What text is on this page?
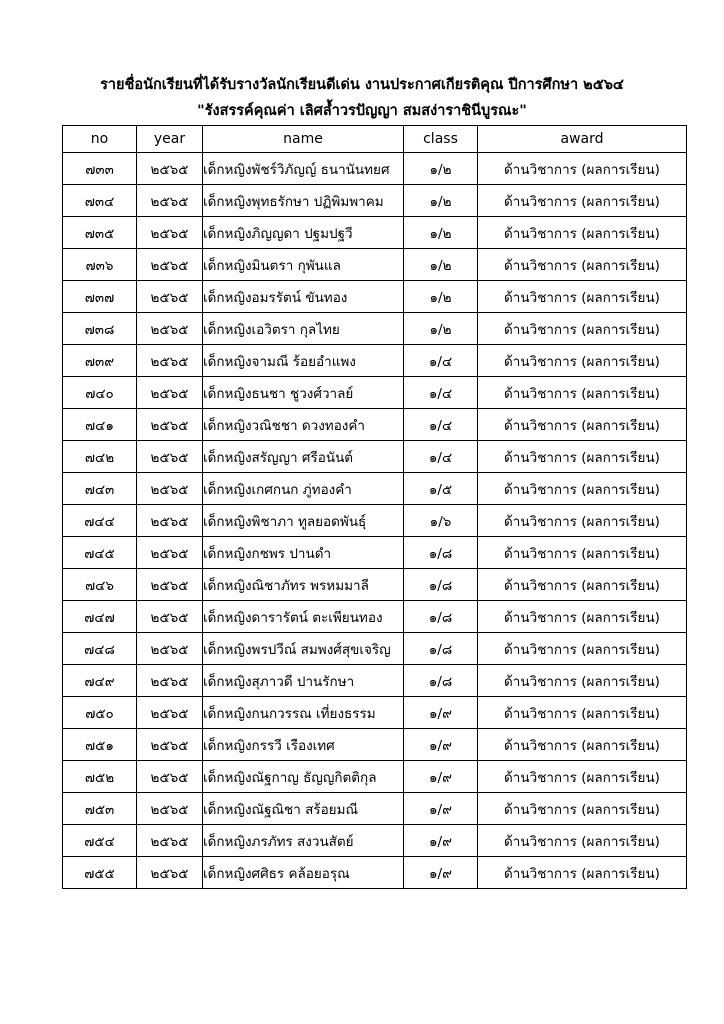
รายชื่อนักเรียนที่ได้รับรางวัลนักเรียนดีเด่น งานประกาศเกียรติคุณ ปีการศึกษา ๒๕๖๔
"รังสรรค์คุณค่า เลิศล้ำวรปัญญา สมสง่าราชินีบูรณะ"
no	year	name	class	award
๗๓๓	๒๕๖๕	เด็กหญิงพัชร์วิภัญญ์ ธนานันทยศ	๑/๒	ด้านวิชาการ (ผลการเรียน)
๗๓๔	๒๕๖๕	เด็กหญิงพุทธรักษา ปฏิพิมพาคม	๑/๒	ด้านวิชาการ (ผลการเรียน)
๗๓๕	๒๕๖๕	เด็กหญิงภิญญดา ปฐมปฐวี	๑/๒	ด้านวิชาการ (ผลการเรียน)
๗๓๖	๒๕๖๕	เด็กหญิงมินตรา กุพันแล	๑/๒	ด้านวิชาการ (ผลการเรียน)
๗๓๗	๒๕๖๕	เด็กหญิงอมรรัตน์ ขันทอง	๑/๒	ด้านวิชาการ (ผลการเรียน)
๗๓๘	๒๕๖๕	เด็กหญิงเอวิตรา กุลไทย	๑/๒	ด้านวิชาการ (ผลการเรียน)
๗๓๙	๒๕๖๕	เด็กหญิงจามณี ร้อยอำแพง	๑/๔	ด้านวิชาการ (ผลการเรียน)
๗๔๐	๒๕๖๕	เด็กหญิงธนชา ชูวงศ์วาลย์	๑/๔	ด้านวิชาการ (ผลการเรียน)
๗๔๑	๒๕๖๕	เด็กหญิงวณิชชา ดวงทองคำ	๑/๔	ด้านวิชาการ (ผลการเรียน)
๗๔๒	๒๕๖๕	เด็กหญิงสรัญญา ศรีอนันต์	๑/๔	ด้านวิชาการ (ผลการเรียน)
๗๔๓	๒๕๖๕	เด็กหญิงเกศกนก ภู่ทองคำ	๑/๕	ด้านวิชาการ (ผลการเรียน)
๗๔๔	๒๕๖๕	เด็กหญิงพิชาภา ทูลยอดพันธุ์	๑/๖	ด้านวิชาการ (ผลการเรียน)
๗๔๕	๒๕๖๕	เด็กหญิงกชพร ปานดำ	๑/๘	ด้านวิชาการ (ผลการเรียน)
๗๔๖	๒๕๖๕	เด็กหญิงณิชาภัทร พรหมมาลี	๑/๘	ด้านวิชาการ (ผลการเรียน)
๗๔๗	๒๕๖๕	เด็กหญิงดารารัตน์ ตะเพียนทอง	๑/๘	ด้านวิชาการ (ผลการเรียน)
๗๔๘	๒๕๖๕	เด็กหญิงพรปวีณ์ สมพงศ์สุขเจริญ	๑/๘	ด้านวิชาการ (ผลการเรียน)
๗๔๙	๒๕๖๕	เด็กหญิงสุภาวดี ปานรักษา	๑/๘	ด้านวิชาการ (ผลการเรียน)
๗๕๐	๒๕๖๕	เด็กหญิงกนกวรรณ เที่ยงธรรม	๑/๙	ด้านวิชาการ (ผลการเรียน)
๗๕๑	๒๕๖๕	เด็กหญิงกรรวี เรืองเทศ	๑/๙	ด้านวิชาการ (ผลการเรียน)
๗๕๒	๒๕๖๕	เด็กหญิงณัฐกาญ ธัญญกิตติกุล	๑/๙	ด้านวิชาการ (ผลการเรียน)
๗๕๓	๒๕๖๕	เด็กหญิงณัฐณิชา สร้อยมณี	๑/๙	ด้านวิชาการ (ผลการเรียน)
๗๕๔	๒๕๖๕	เด็กหญิงภรภัทร สงวนสัตย์	๑/๙	ด้านวิชาการ (ผลการเรียน)
๗๕๕	๒๕๖๕	เด็กหญิงศศิธร คล้อยอรุณ	๑/๙	ด้านวิชาการ (ผลการเรียน)
